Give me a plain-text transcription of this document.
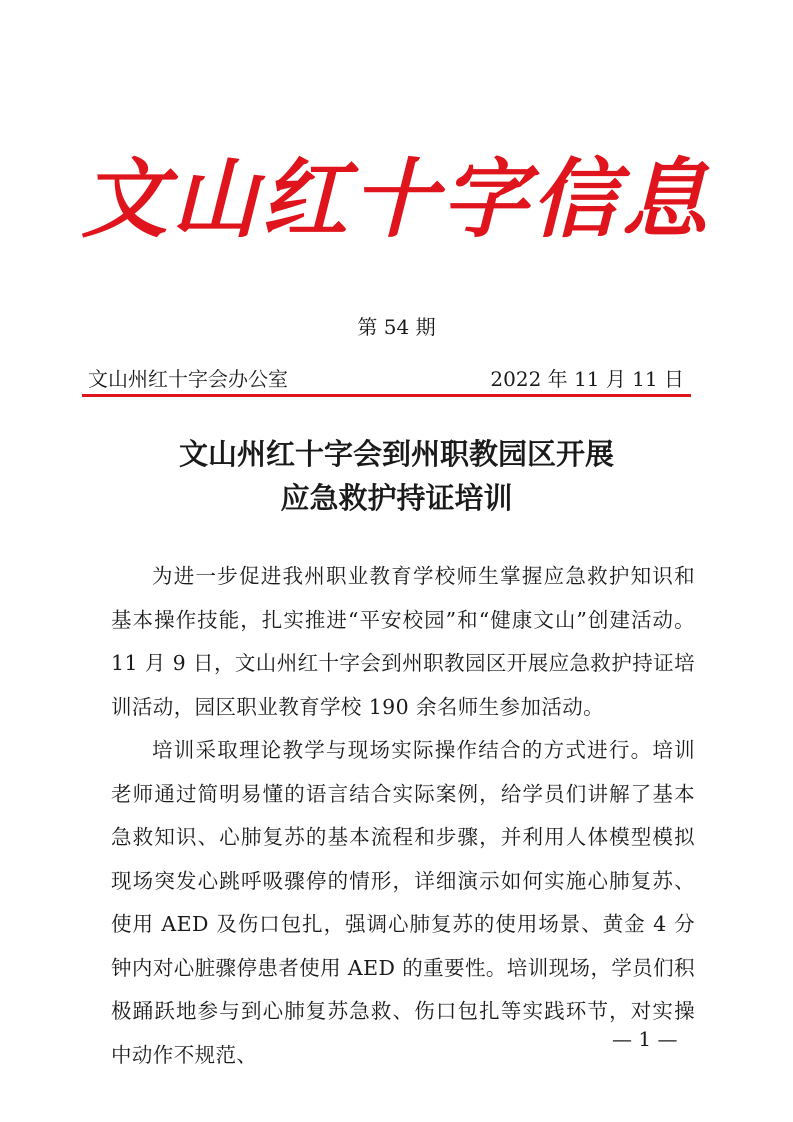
文山红十字信息
第 54 期
文山州红十字会办公室	2022 年 11 月 11 日
文山州红十字会到州职教园区开展
应急救护持证培训

为进一步促进我州职业教育学校师生掌握应急救护知识和基本操作技能，扎实推进“平安校园”和“健康文山”创建活动。11 月 9 日，文山州红十字会到州职教园区开展应急救护持证培训活动，园区职业教育学校 190 余名师生参加活动。

培训采取理论教学与现场实际操作结合的方式进行。培训老师通过简明易懂的语言结合实际案例，给学员们讲解了基本急救知识、心肺复苏的基本流程和步骤，并利用人体模型模拟现场突发心跳呼吸骤停的情形，详细演示如何实施心肺复苏、使用 AED 及伤口包扎，强调心肺复苏的使用场景、黄金 4 分钟内对心脏骤停患者使用 AED 的重要性。培训现场，学员们积极踊跃地参与到心肺复苏急救、伤口包扎等实践环节，对实操中动作不规范、

— 1 —
